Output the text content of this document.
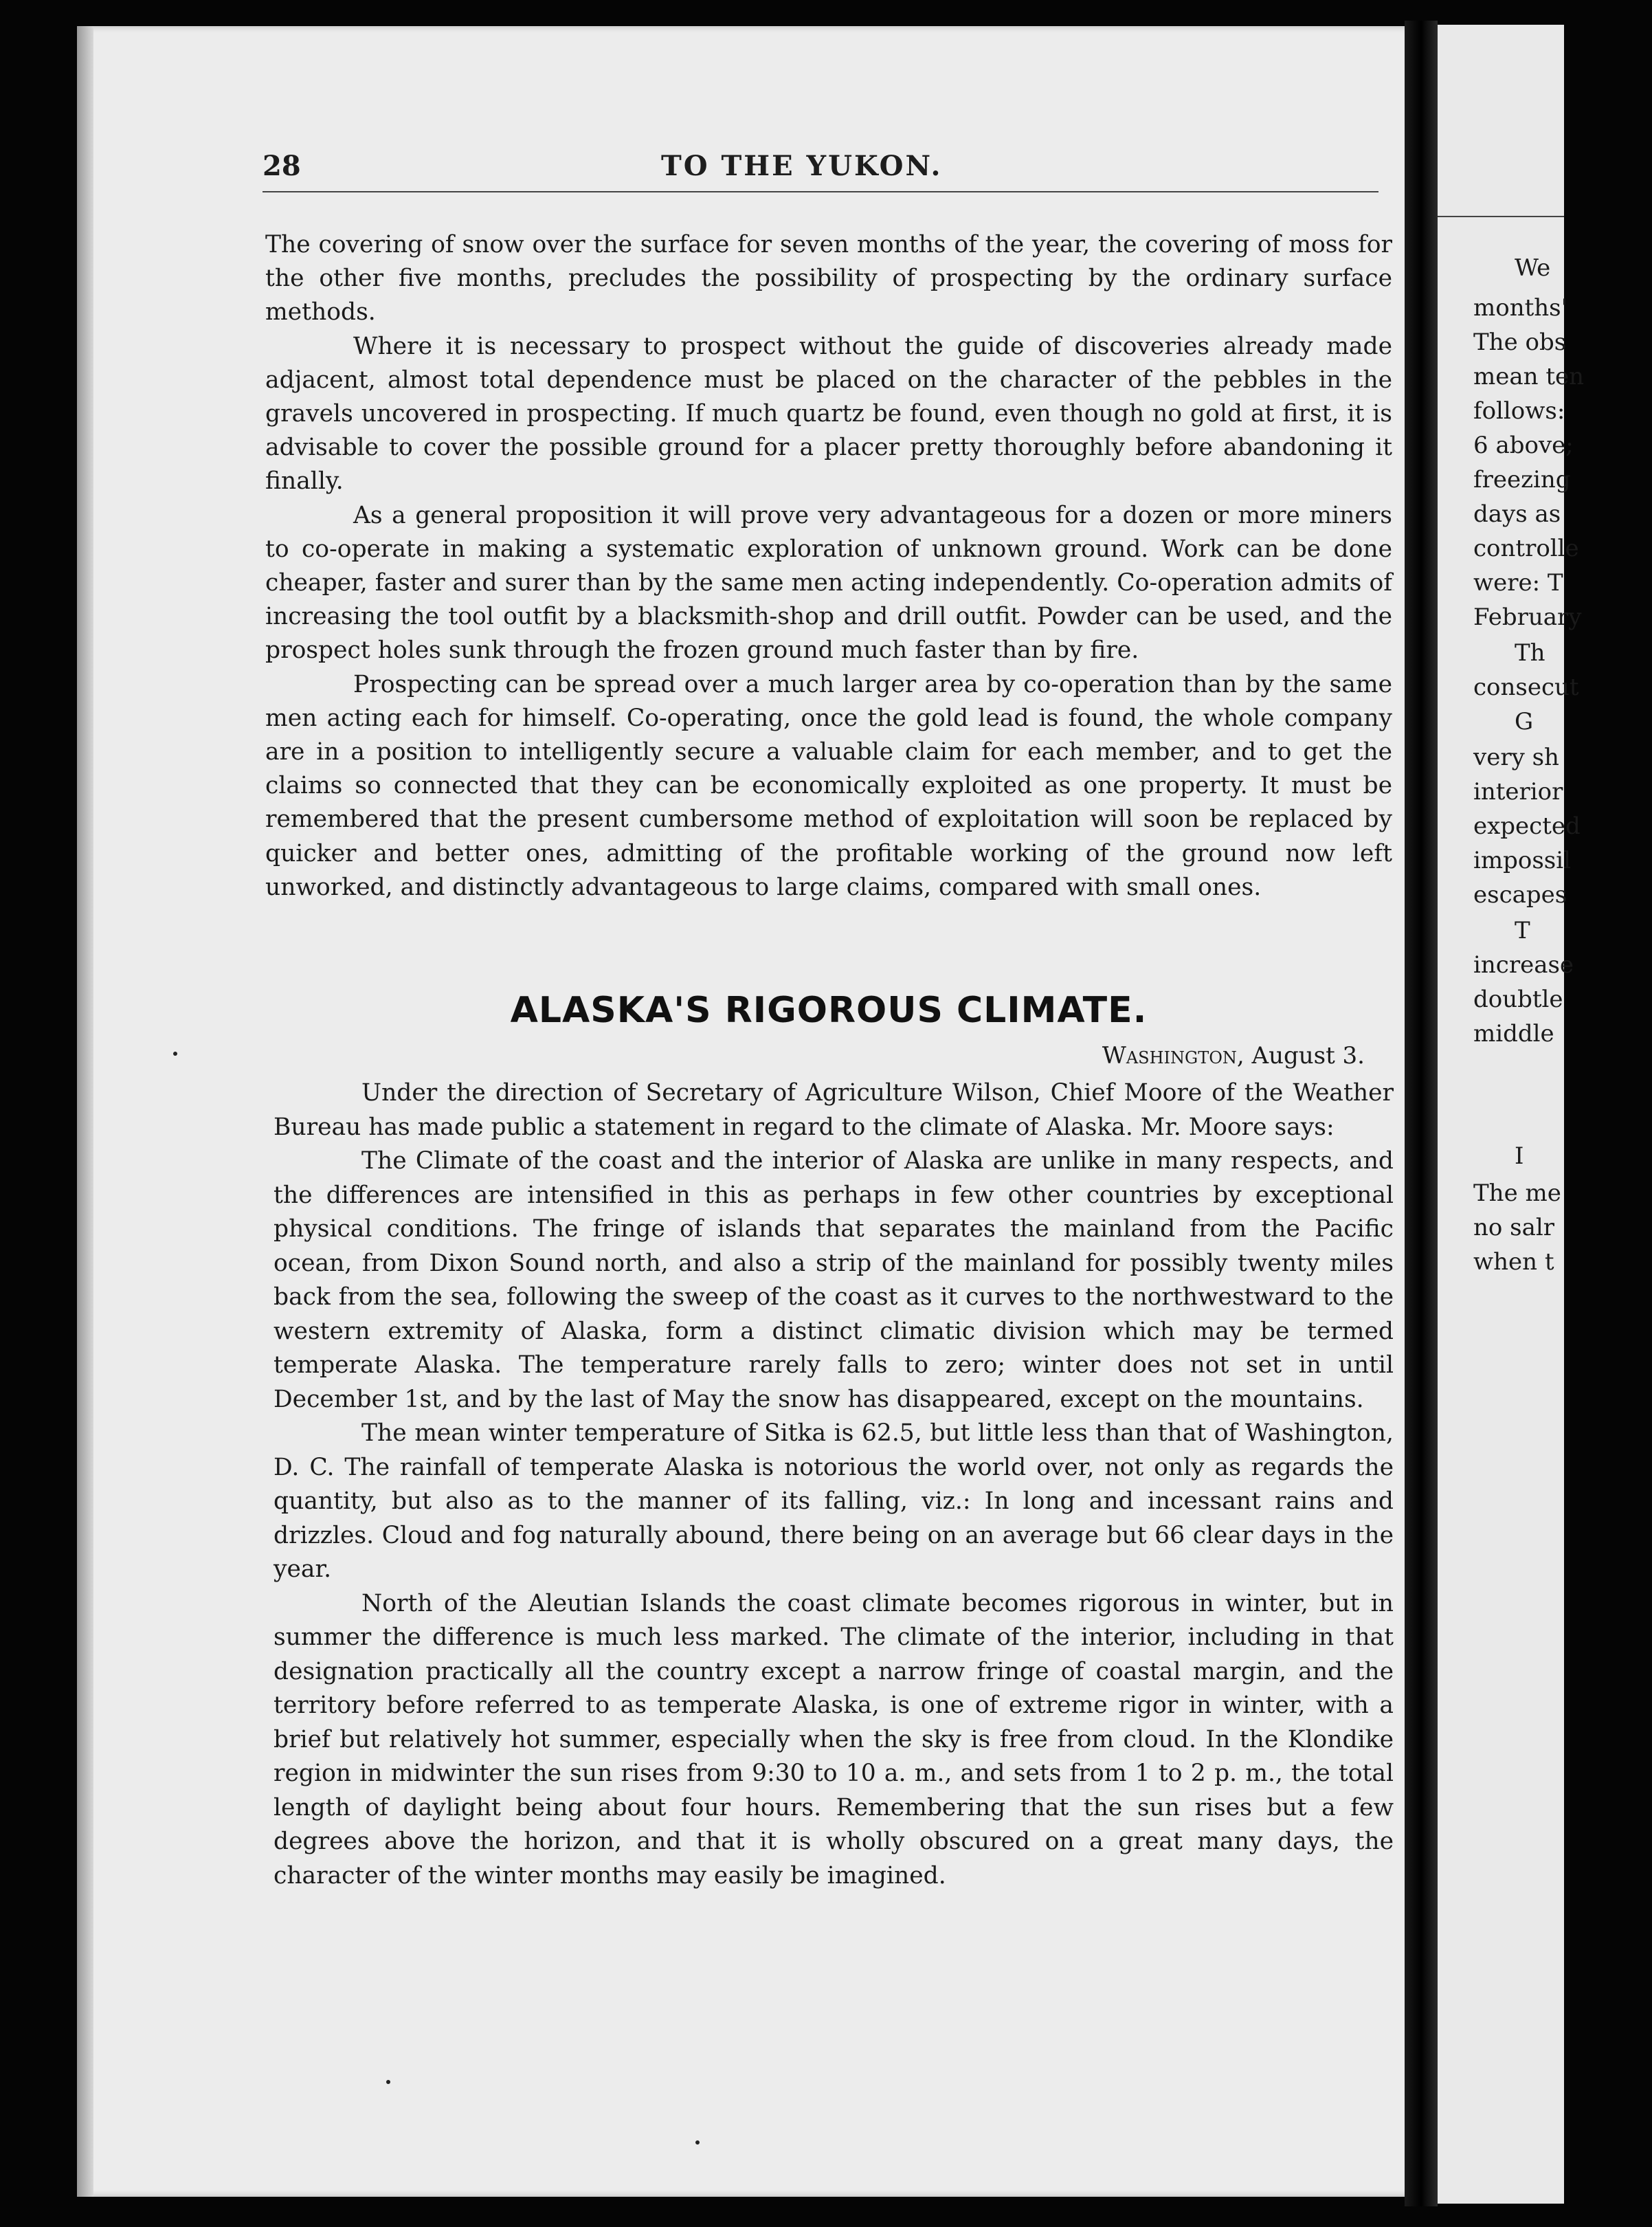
28	TO THE YUKON.

The covering of snow over the surface for seven months of the year, the covering of moss for the other five months, precludes the possibility of prospecting by the ordinary surface methods.

Where it is necessary to prospect without the guide of discoveries already made adjacent, almost total dependence must be placed on the character of the pebbles in the gravels uncovered in prospecting. If much quartz be found, even though no gold at first, it is advisable to cover the possible ground for a placer pretty thoroughly before abandoning it finally.

As a general proposition it will prove very advantageous for a dozen or more miners to co-operate in making a systematic exploration of unknown ground. Work can be done cheaper, faster and surer than by the same men acting independently. Co-operation admits of increasing the tool outfit by a blacksmith-shop and drill outfit. Powder can be used, and the prospect holes sunk through the frozen ground much faster than by fire.

Prospecting can be spread over a much larger area by co-operation than by the same men acting each for himself. Co-operating, once the gold lead is found, the whole company are in a position to intelligently secure a valuable claim for each member, and to get the claims so connected that they can be economically exploited as one property. It must be remembered that the present cumbersome method of exploitation will soon be replaced by quicker and better ones, admitting of the profitable working of the ground now left unworked, and distinctly advantageous to large claims, compared with small ones.

ALASKA'S RIGOROUS CLIMATE.
Washington, August 3.

Under the direction of Secretary of Agriculture Wilson, Chief Moore of the Weather Bureau has made public a statement in regard to the climate of Alaska. Mr. Moore says:

The Climate of the coast and the interior of Alaska are unlike in many respects, and the differences are intensified in this as perhaps in few other countries by exceptional physical conditions. The fringe of islands that separates the mainland from the Pacific ocean, from Dixon Sound north, and also a strip of the mainland for possibly twenty miles back from the sea, following the sweep of the coast as it curves to the northwestward to the western extremity of Alaska, form a distinct climatic division which may be termed temperate Alaska. The temperature rarely falls to zero; winter does not set in until December 1st, and by the last of May the snow has disappeared, except on the mountains.

The mean winter temperature of Sitka is 62.5, but little less than that of Washington, D. C. The rainfall of temperate Alaska is notorious the world over, not only as regards the quantity, but also as to the manner of its falling, viz.: In long and incessant rains and drizzles. Cloud and fog naturally abound, there being on an average but 66 clear days in the year.

North of the Aleutian Islands the coast climate becomes rigorous in winter, but in summer the difference is much less marked. The climate of the interior, including in that designation practically all the country except a narrow fringe of coastal margin, and the territory before referred to as temperate Alaska, is one of extreme rigor in winter, with a brief but relatively hot summer, especially when the sky is free from cloud. In the Klondike region in midwinter the sun rises from 9:30 to 10 a. m., and sets from 1 to 2 p. m., the total length of daylight being about four hours. Remembering that the sun rises but a few degrees above the horizon, and that it is wholly obscured on a great many days, the character of the winter months may easily be imagined.

We
months'
The obs
mean ten
follows:
6 above;
freezing
days as
controlle
were: T
February
Th
consecut
G
very sh
interior
expected
impossil
escapes
T
increase
doubtle
middle
I
The me
no salr
when t
